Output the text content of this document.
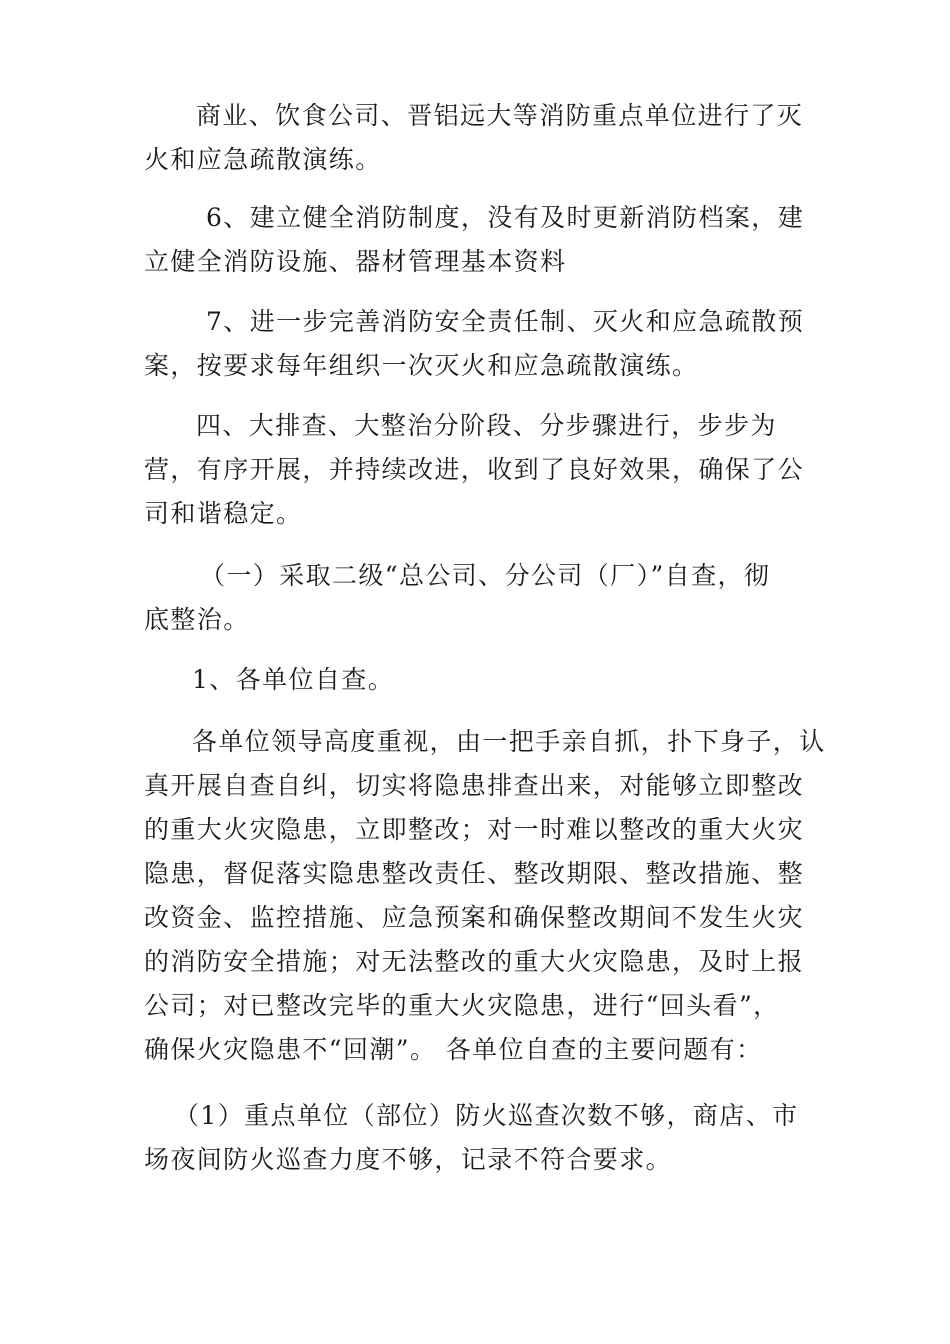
商业、饮食公司、晋铝远大等消防重点单位进行了灭
火和应急疏散演练。
6、建立健全消防制度，没有及时更新消防档案，建
立健全消防设施、器材管理基本资料
7、进一步完善消防安全责任制、灭火和应急疏散预
案，按要求每年组织一次灭火和应急疏散演练。
四、大排查、大整治分阶段、分步骤进行，步步为
营，有序开展，并持续改进，收到了良好效果，确保了公
司和谐稳定。
（一）采取二级“总公司、分公司（厂）”自查，彻
底整治。
1、各单位自查。
各单位领导高度重视，由一把手亲自抓，扑下身子，认
真开展自查自纠，切实将隐患排查出来，对能够立即整改
的重大火灾隐患，立即整改；对一时难以整改的重大火灾
隐患，督促落实隐患整改责任、整改期限、整改措施、整
改资金、监控措施、应急预案和确保整改期间不发生火灾
的消防安全措施；对无法整改的重大火灾隐患，及时上报
公司；对已整改完毕的重大火灾隐患，进行“回头看”，
确保火灾隐患不“回潮”。 各单位自查的主要问题有：
（1）重点单位（部位）防火巡查次数不够，商店、市
场夜间防火巡查力度不够，记录不符合要求。
